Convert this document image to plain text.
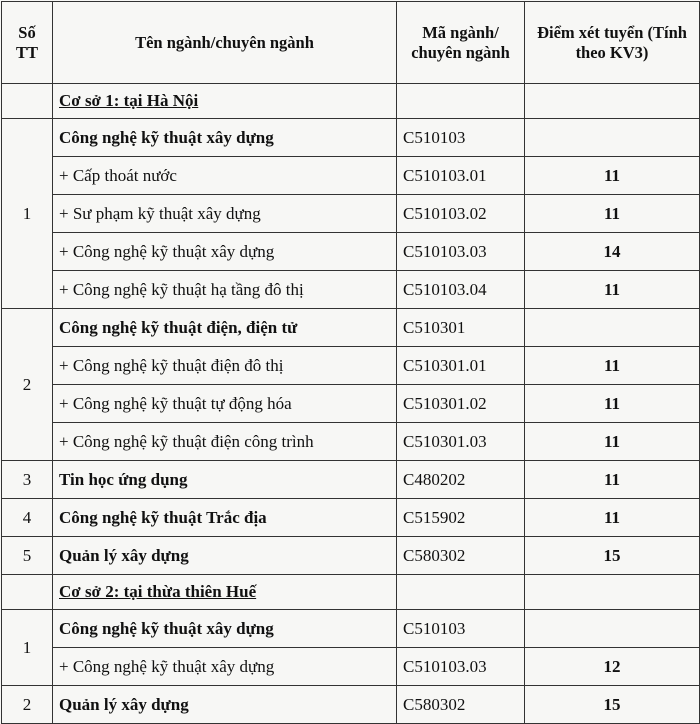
Số TT	Tên ngành/chuyên ngành	Mã ngành/ chuyên ngành	Điểm xét tuyển (Tính theo KV3)
	Cơ sở 1: tại Hà Nội		
1	Công nghệ kỹ thuật xây dựng	C510103	
	+ Cấp thoát nước	C510103.01	11
	+ Sư phạm kỹ thuật xây dựng	C510103.02	11
	+ Công nghệ kỹ thuật xây dựng	C510103.03	14
	+ Công nghệ kỹ thuật hạ tầng đô thị	C510103.04	11
2	Công nghệ kỹ thuật điện, điện tử	C510301	
	+ Công nghệ kỹ thuật điện đô thị	C510301.01	11
	+ Công nghệ kỹ thuật tự động hóa	C510301.02	11
	+ Công nghệ kỹ thuật điện công trình	C510301.03	11
3	Tin học ứng dụng	C480202	11
4	Công nghệ kỹ thuật Trắc địa	C515902	11
5	Quản lý xây dựng	C580302	15
	Cơ sở 2: tại thừa thiên Huế		
1	Công nghệ kỹ thuật xây dựng	C510103	
	+ Công nghệ kỹ thuật xây dựng	C510103.03	12
2	Quản lý xây dựng	C580302	15
